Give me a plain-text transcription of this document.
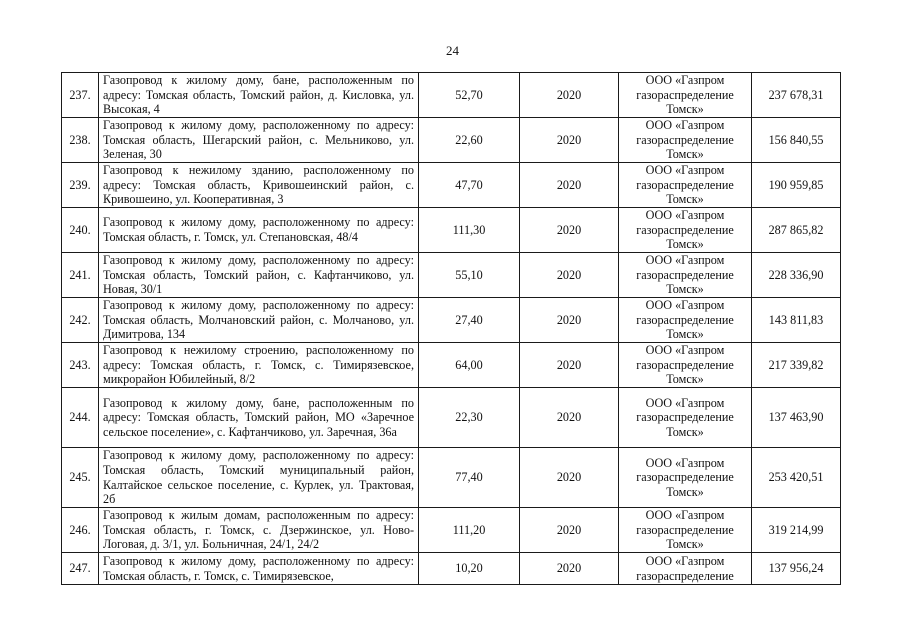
24
237.	Газопровод к жилому дому, бане, расположенным по адресу: Томская область, Томский район, д. Кисловка, ул. Высокая, 4	52,70	2020	ООО «Газпром
газораспределение
Томск»	237 678,31
238.	Газопровод к жилому дому, расположенному по адресу: Томская область, Шегарский район, с. Мельниково, ул. Зеленая, 30	22,60	2020	ООО «Газпром
газораспределение
Томск»	156 840,55
239.	Газопровод к нежилому зданию, расположенному по адресу: Томская область, Кривошеинский район, с. Кривошеино, ул. Кооперативная, 3	47,70	2020	ООО «Газпром
газораспределение
Томск»	190 959,85
240.	Газопровод к жилому дому, расположенному по адресу: Томская область, г. Томск, ул. Степановская, 48/4	111,30	2020	ООО «Газпром
газораспределение
Томск»	287 865,82
241.	Газопровод к жилому дому, расположенному по адресу: Томская область, Томский район, с. Кафтанчиково, ул. Новая, 30/1	55,10	2020	ООО «Газпром
газораспределение
Томск»	228 336,90
242.	Газопровод к жилому дому, расположенному по адресу: Томская область, Молчановский район, с. Молчаново, ул. Димитрова, 134	27,40	2020	ООО «Газпром
газораспределение
Томск»	143 811,83
243.	Газопровод к нежилому строению, расположенному по адресу: Томская область, г. Томск, с. Тимирязевское, микрорайон Юбилейный, 8/2	64,00	2020	ООО «Газпром
газораспределение
Томск»	217 339,82
244.	Газопровод к жилому дому, бане, расположенным по адресу: Томская область, Томский район, МО «Заречное сельское поселение», с. Кафтанчиково, ул. Заречная, 36а	22,30	2020	ООО «Газпром
газораспределение
Томск»	137 463,90
245.	Газопровод к жилому дому, расположенному по адресу: Томская область, Томский муниципальный район, Калтайское сельское поселение, с. Курлек, ул. Трактовая, 2б	77,40	2020	ООО «Газпром
газораспределение
Томск»	253 420,51
246.	Газопровод к жилым домам, расположенным по адресу: Томская область, г. Томск, с. Дзержинское, ул. Ново-Логовая, д. 3/1, ул. Больничная, 24/1, 24/2	111,20	2020	ООО «Газпром
газораспределение
Томск»	319 214,99
247.	Газопровод к жилому дому, расположенному по адресу: Томская область, г. Томск, с. Тимирязевское,	10,20	2020	ООО «Газпром
газораспределение	137 956,24
